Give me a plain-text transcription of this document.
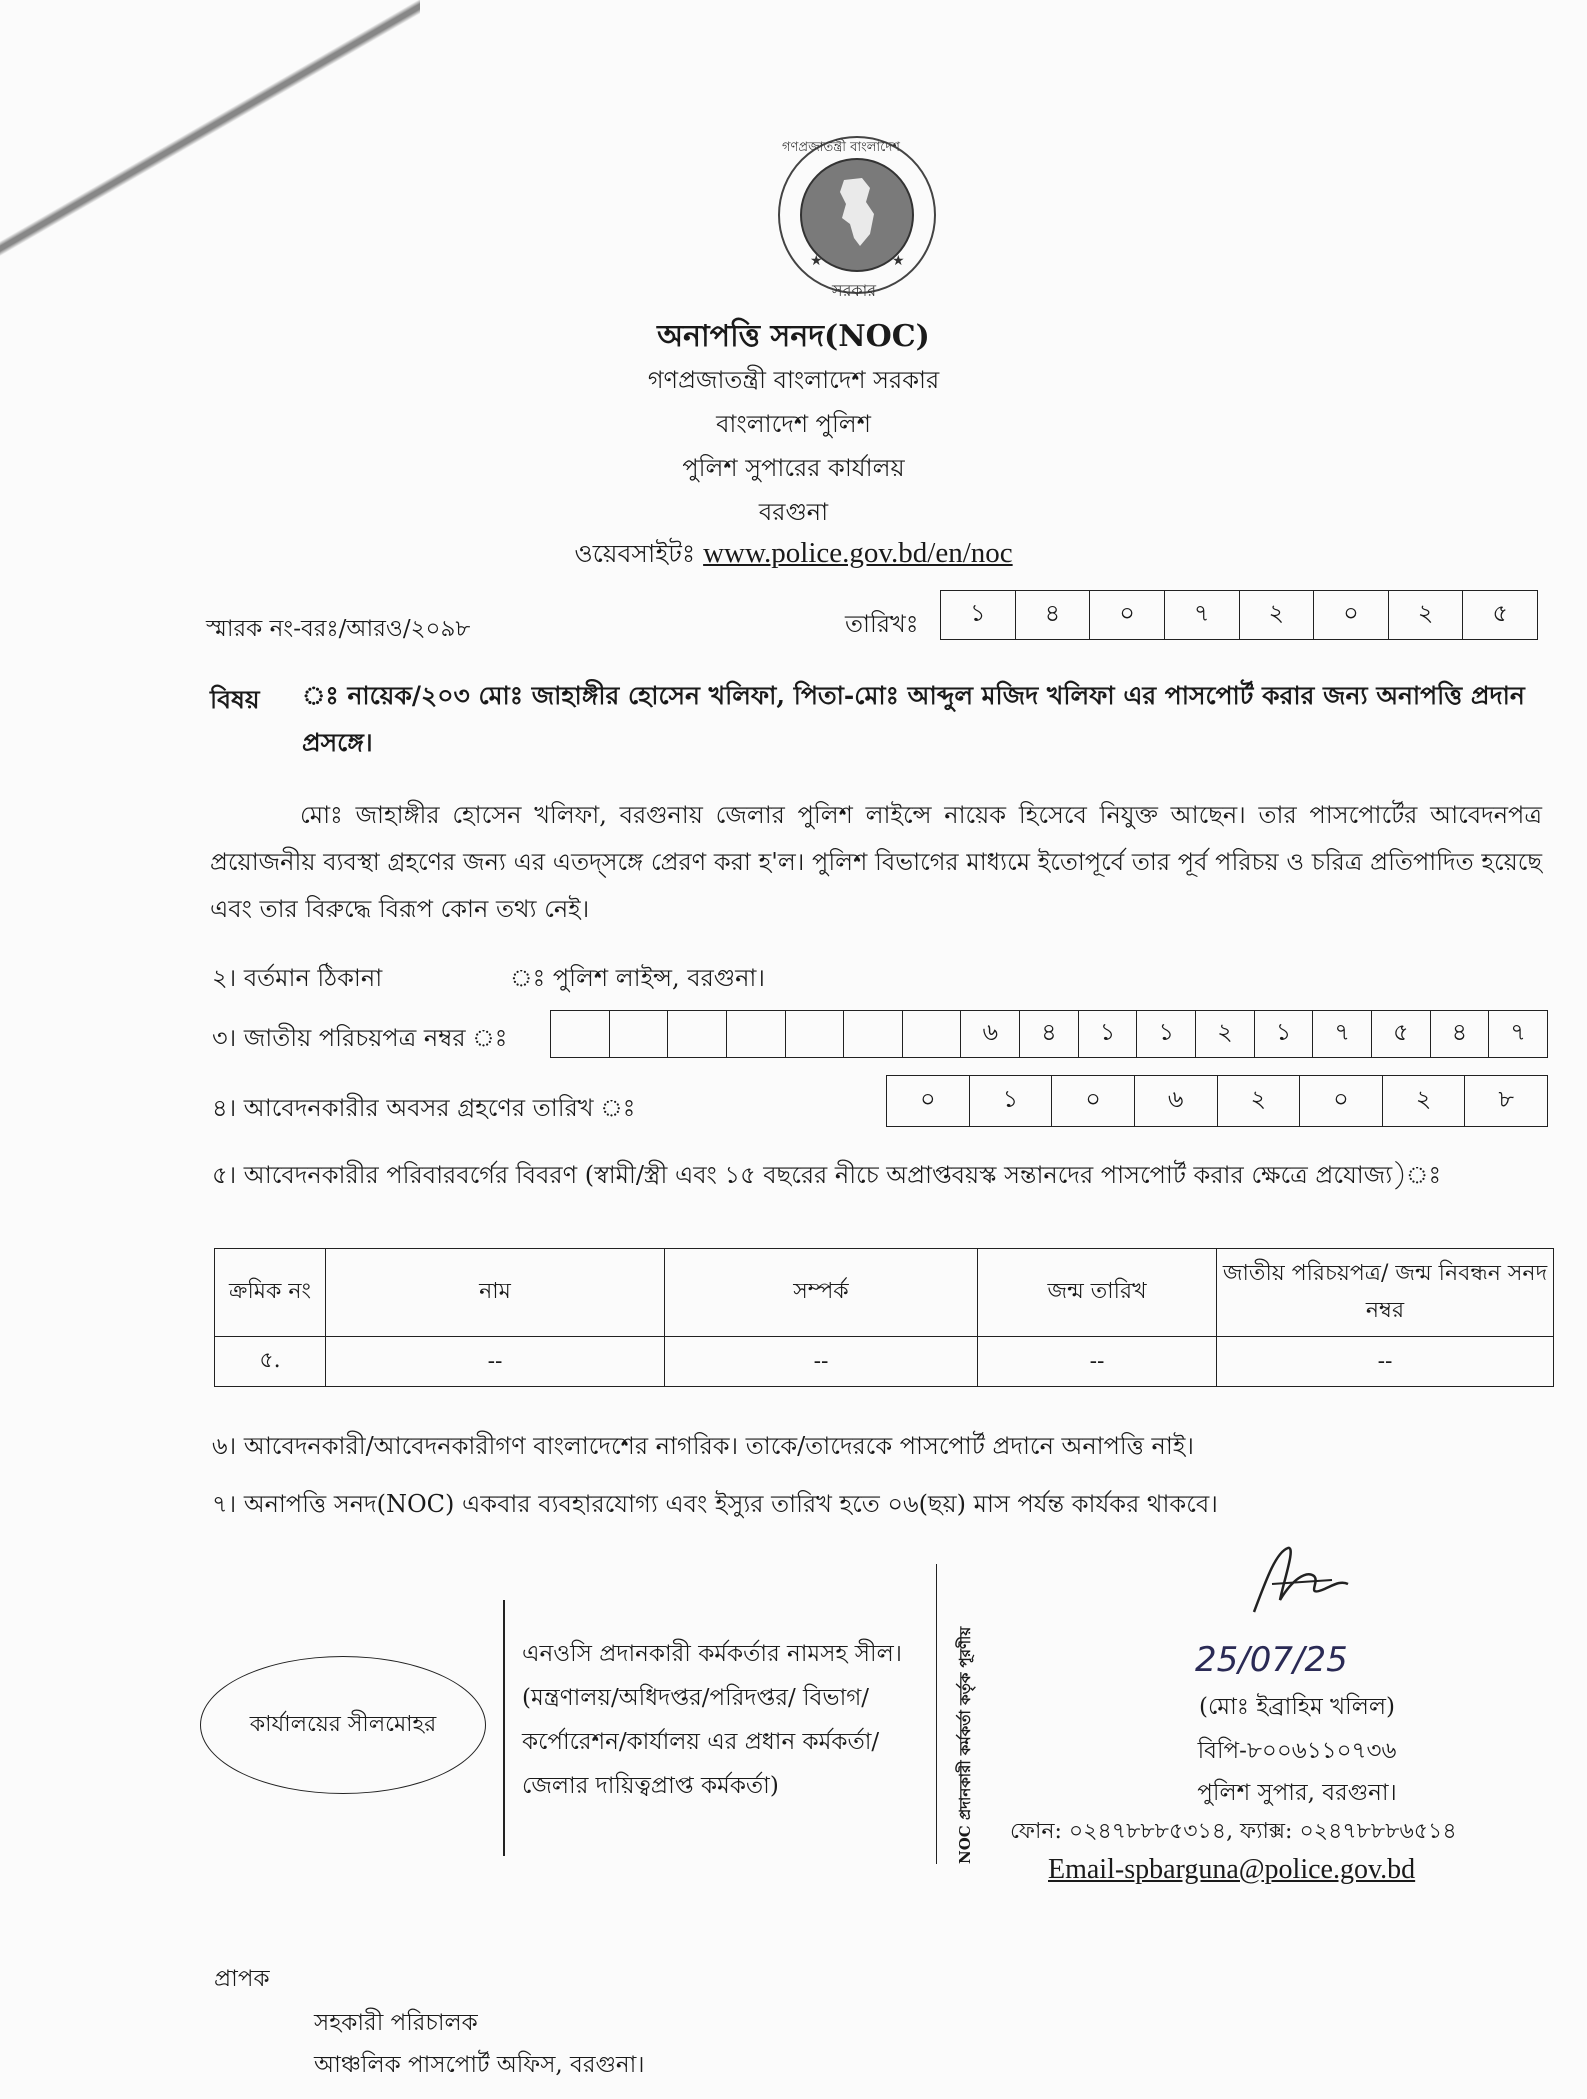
★	★
গণপ্রজাতন্ত্রী বাংলাদেশ
সরকার
অনাপত্তি সনদ(NOC)
গণপ্রজাতন্ত্রী বাংলাদেশ সরকার
বাংলাদেশ পুলিশ
পুলিশ সুপারের কার্যালয়
বরগুনা
ওয়েবসাইটঃ www.police.gov.bd/en/noc
স্মারক নং-বরঃ/আরও/২০৯৮	তারিখঃ	১	৪	০	৭	২	০	২	৫
বিষয় ঃ নায়েক/২০৩ মোঃ জাহাঙ্গীর হোসেন খলিফা, পিতা-মোঃ আব্দুল মজিদ খলিফা এর পাসপোর্ট করার জন্য অনাপত্তি প্রদান প্রসঙ্গে।
মোঃ জাহাঙ্গীর হোসেন খলিফা, বরগুনায় জেলার পুলিশ লাইন্সে নায়েক হিসেবে নিযুক্ত আছেন। তার পাসপোর্টের আবেদনপত্র প্রয়োজনীয় ব্যবস্থা গ্রহণের জন্য এর এতদ্সঙ্গে প্রেরণ করা হ'ল। পুলিশ বিভাগের মাধ্যমে ইতোপূর্বে তার পূর্ব পরিচয় ও চরিত্র প্রতিপাদিত হয়েছে এবং তার বিরুদ্ধে বিরূপ কোন তথ্য নেই।
২। বর্তমান ঠিকানা	ঃ পুলিশ লাইন্স, বরগুনা।
৩। জাতীয় পরিচয়পত্র নম্বর ঃ	৬	৪	১	১	২	১	৭	৫	৪	৭
৪। আবেদনকারীর অবসর গ্রহণের তারিখ ঃ	০	১	০	৬	২	০	২	৮
৫। আবেদনকারীর পরিবারবর্গের বিবরণ (স্বামী/স্ত্রী এবং ১৫ বছরের নীচে অপ্রাপ্তবয়স্ক সন্তানদের পাসপোর্ট করার ক্ষেত্রে প্রযোজ্য)ঃ
ক্রমিক নং	নাম	সম্পর্ক	জন্ম তারিখ	জাতীয় পরিচয়পত্র/ জন্ম নিবন্ধন সনদ নম্বর
৫.	--	--	--	--
৬। আবেদনকারী/আবেদনকারীগণ বাংলাদেশের নাগরিক। তাকে/তাদেরকে পাসপোর্ট প্রদানে অনাপত্তি নাই।
৭। অনাপত্তি সনদ(NOC) একবার ব্যবহারযোগ্য এবং ইস্যুর তারিখ হতে ০৬(ছয়) মাস পর্যন্ত কার্যকর থাকবে।
কার্যালয়ের সীলমোহর
এনওসি প্রদানকারী কর্মকর্তার নামসহ সীল। (মন্ত্রণালয়/অধিদপ্তর/পরিদপ্তর/ বিভাগ/কর্পোরেশন/কার্যালয় এর প্রধান কর্মকর্তা/জেলার দায়িত্বপ্রাপ্ত কর্মকর্তা)	NOC প্রদানকারী কর্মকর্তা কর্তৃক পূরণীয়	25/07/25
(মোঃ ইব্রাহিম খলিল)
বিপি-৮০০৬১১০৭৩৬
পুলিশ সুপার, বরগুনা।
ফোন: ০২৪৭৮৮৮৫৩১৪, ফ্যাক্স: ০২৪৭৮৮৮৬৫১৪
Email-spbarguna@police.gov.bd
প্রাপক
সহকারী পরিচালক
আঞ্চলিক পাসপোর্ট অফিস, বরগুনা।
